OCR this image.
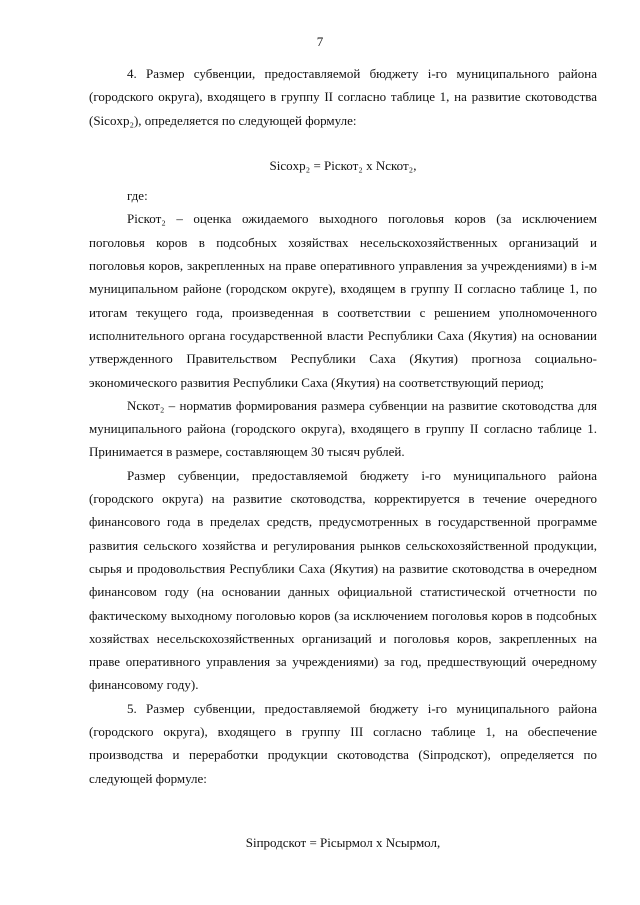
7

4. Размер субвенции, предоставляемой бюджету i-го муниципального района (городского округа), входящего в группу II согласно таблице 1, на развитие скотоводства (Sicoxp₂), определяется по следующей формуле:

Sicoxp₂ = Рiскот₂ x Nскот₂,

где:

Рiскот₂ – оценка ожидаемого выходного поголовья коров (за исключением поголовья коров в подсобных хозяйствах несельскохозяйственных организаций и поголовья коров, закрепленных на праве оперативного управления за учреждениями) в i-м муниципальном районе (городском округе), входящем в группу II согласно таблице 1, по итогам текущего года, произведенная в соответствии с решением уполномоченного исполнительного органа государственной власти Республики Саха (Якутия) на основании утвержденного Правительством Республики Саха (Якутия) прогноза социально-экономического развития Республики Саха (Якутия) на соответствующий период;

Nскот₂ – норматив формирования размера субвенции на развитие скотоводства для муниципального района (городского округа), входящего в группу II согласно таблице 1. Принимается в размере, составляющем 30 тысяч рублей.

Размер субвенции, предоставляемой бюджету i-го муниципального района (городского округа) на развитие скотоводства, корректируется в течение очередного финансового года в пределах средств, предусмотренных в государственной программе развития сельского хозяйства и регулирования рынков сельскохозяйственной продукции, сырья и продовольствия Республики Саха (Якутия) на развитие скотоводства в очередном финансовом году (на основании данных официальной статистической отчетности по фактическому выходному поголовью коров (за исключением поголовья коров в подсобных хозяйствах несельскохозяйственных организаций и поголовья коров, закрепленных на праве оперативного управления за учреждениями) за год, предшествующий очередному финансовому году).

5. Размер субвенции, предоставляемой бюджету i-го муниципального района (городского округа), входящего в группу III согласно таблице 1, на обеспечение производства и переработки продукции скотоводства (Siпродскот), определяется по следующей формуле:

Siпродскот = Рiсырмол x Nсырмол,
